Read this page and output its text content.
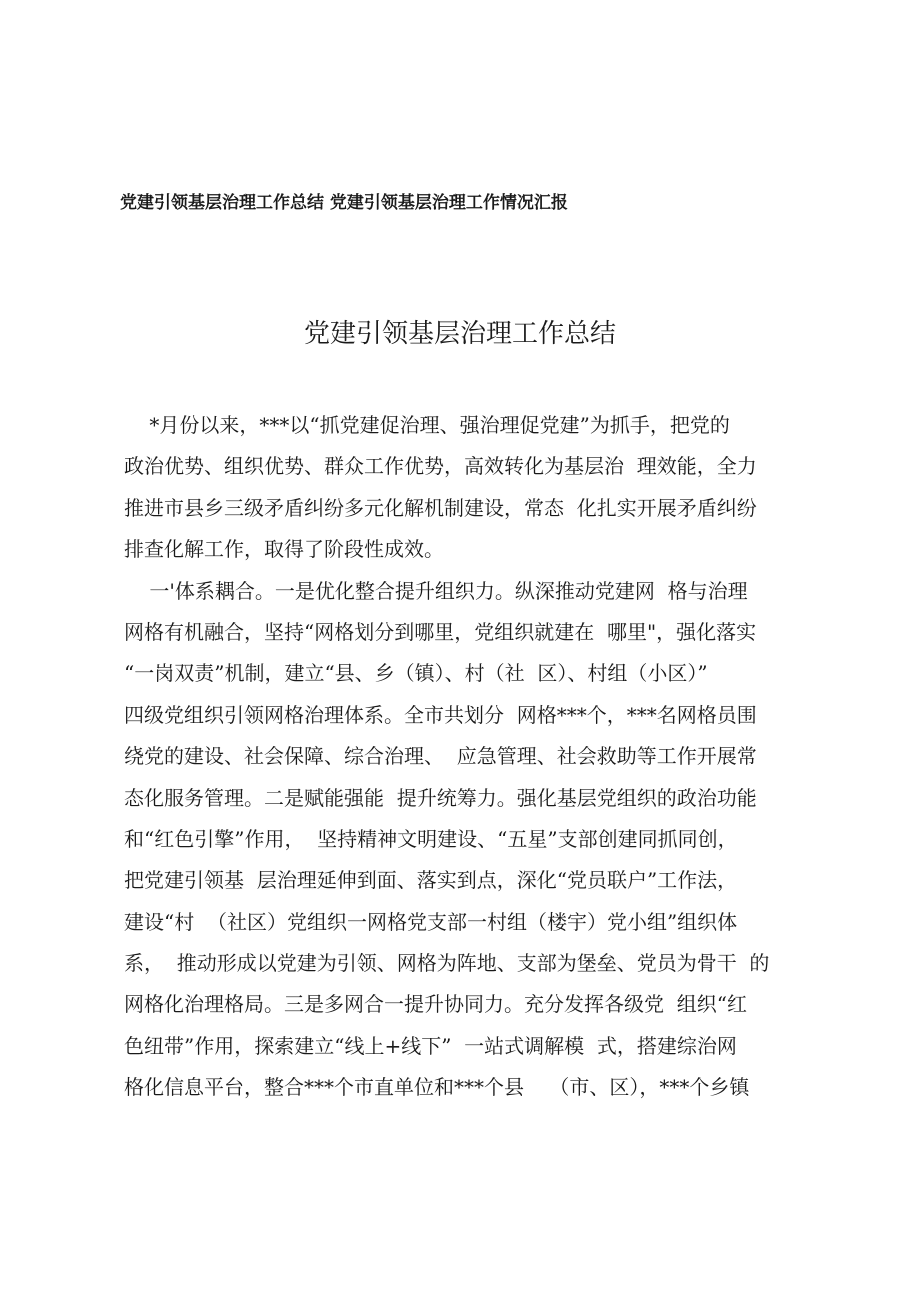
党建引领基层治理工作总结 党建引领基层治理工作情况汇报
党建引领基层治理工作总结
*月份以来，***以“抓党建促治理、强治理促党建”为抓手，把党的
政治优势、组织优势、群众工作优势，高效转化为基层治  理效能，全力
推进市县乡三级矛盾纠纷多元化解机制建设，常态  化扎实开展矛盾纠纷
排查化解工作，取得了阶段性成效。
一'体系耦合。一是优化整合提升组织力。纵深推动党建网  格与治理
网格有机融合，坚持“网格划分到哪里，党组织就建在  哪里"，强化落实
“一岗双责”机制，建立“县、乡（镇）、村（社  区）、村组（小区）”
四级党组织引领网格治理体系。全市共划分  网格***个，***名网格员围
绕党的建设、社会保障、综合治理、  应急管理、社会救助等工作开展常
态化服务管理。二是赋能强能  提升统筹力。强化基层党组织的政治功能
和“红色引擎”作用，  坚持精神文明建设、“五星”支部创建同抓同创，
把党建引领基  层治理延伸到面、落实到点，深化“党员联户”工作法，
建设“村  （社区）党组织一网格党支部一村组（楼宇）党小组”组织体
系，  推动形成以党建为引领、网格为阵地、支部为堡垒、党员为骨干  的
网格化治理格局。三是多网合一提升协同力。充分发挥各级党  组织“红
色纽带”作用，探索建立“线上+线下”  一站式调解模  式，搭建综治网
格化信息平台，整合***个市直单位和***个县    （市、区），***个乡镇
